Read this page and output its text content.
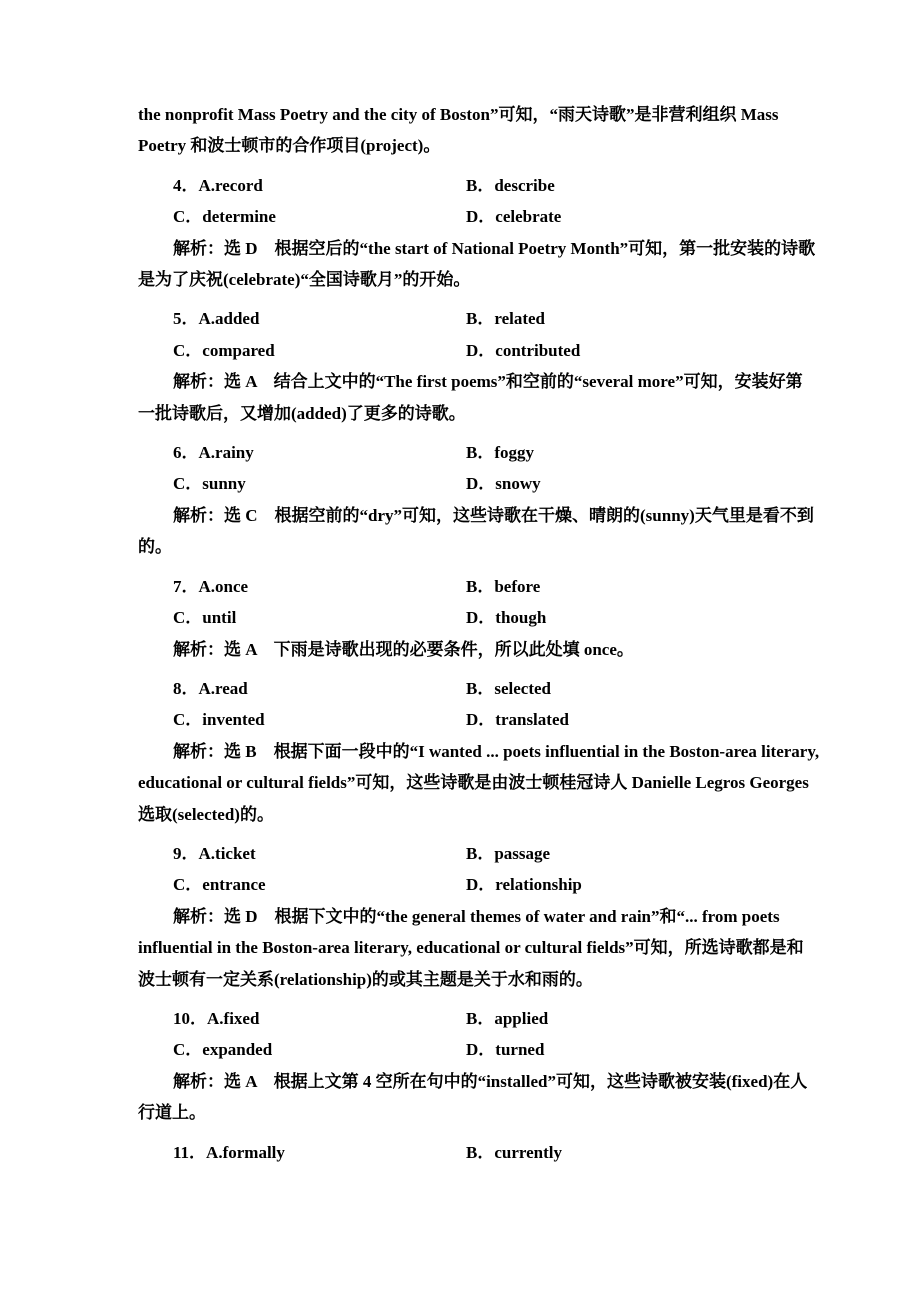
the nonprofit Mass Poetry and the city of Boston”可知，“雨天诗歌”是非营利组织 Mass
Poetry 和波士顿市的合作项目(project)。
4．A.record	B．describe
C．determine	D．celebrate
解析：选 D　根据空后的“the start of National Poetry Month”可知，第一批安装的诗歌
是为了庆祝(celebrate)“全国诗歌月”的开始。
5．A.added	B．related
C．compared	D．contributed
解析：选 A　结合上文中的“The first poems”和空前的“several more”可知，安装好第
一批诗歌后，又增加(added)了更多的诗歌。
6．A.rainy	B．foggy
C．sunny	D．snowy
解析：选 C　根据空前的“dry”可知，这些诗歌在干燥、晴朗的(sunny)天气里是看不到
的。
7．A.once	B．before
C．until	D．though
解析：选 A　下雨是诗歌出现的必要条件，所以此处填 once。
8．A.read	B．selected
C．invented	D．translated
解析：选 B　根据下面一段中的“I wanted ... poets influential in the Boston-area literary,
educational or cultural fields”可知，这些诗歌是由波士顿桂冠诗人 Danielle Legros Georges
选取(selected)的。
9．A.ticket	B．passage
C．entrance	D．relationship
解析：选 D　根据下文中的“the general themes of water and rain”和“... from poets
influential in the Boston-area literary, educational or cultural fields”可知，所选诗歌都是和
波士顿有一定关系(relationship)的或其主题是关于水和雨的。
10．A.fixed	B．applied
C．expanded	D．turned
解析：选 A　根据上文第 4 空所在句中的“installed”可知，这些诗歌被安装(fixed)在人
行道上。
11．A.formally	B．currently
